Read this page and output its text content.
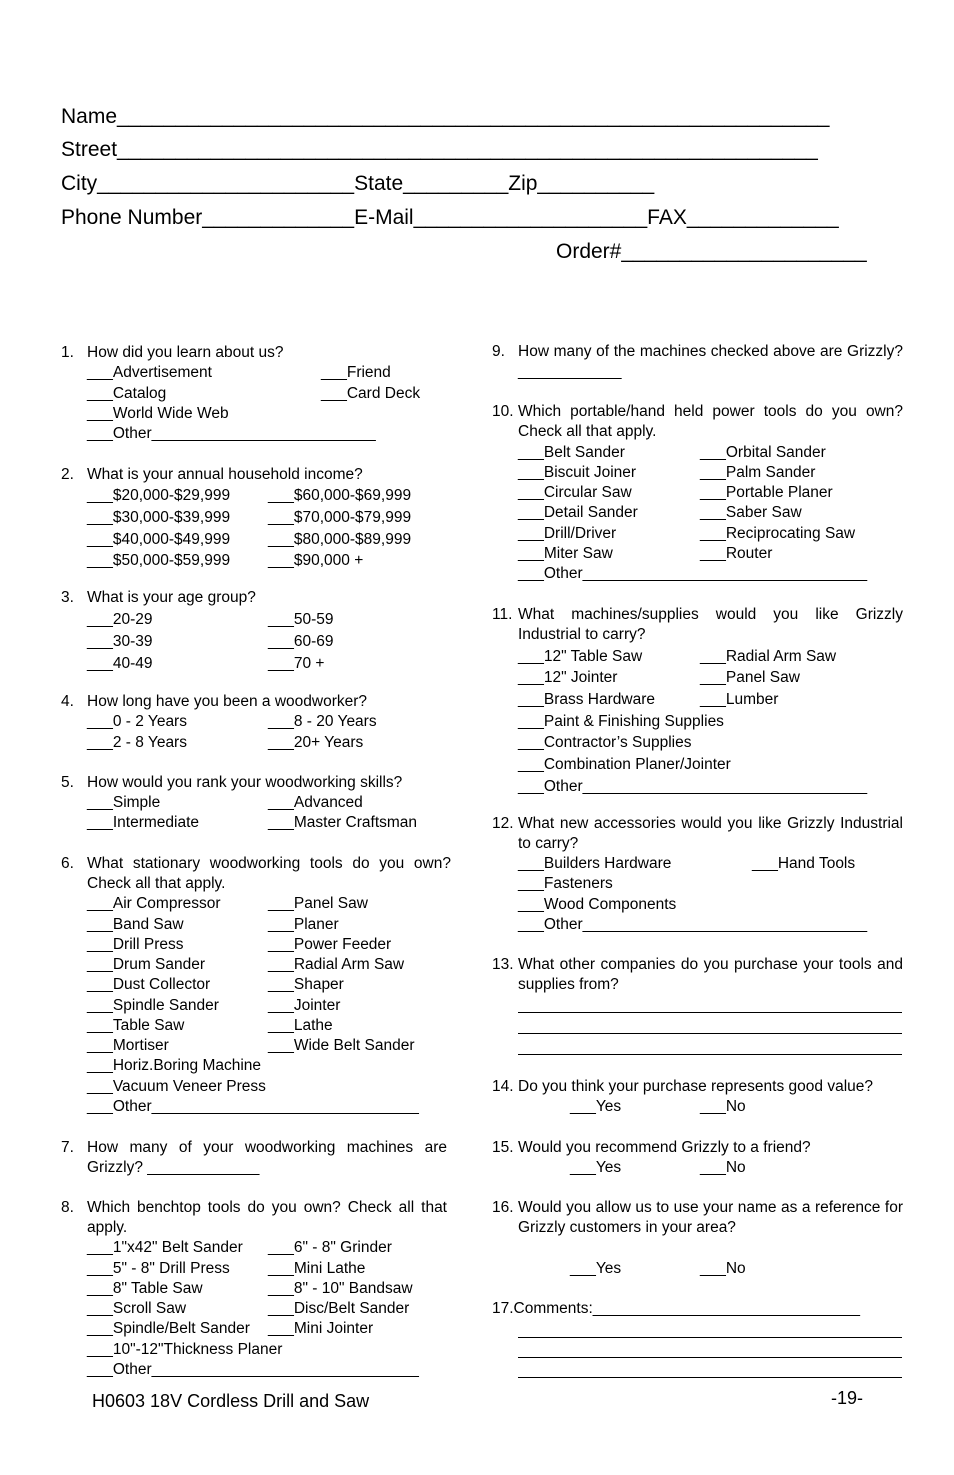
Name_____________________________________________________________
Street____________________________________________________________
City______________________State_________Zip__________
Phone Number_____________E-Mail____________________FAX_____________
Order#_____________________
1. How did you learn about us?
___Advertisement	___Friend
___Catalog	___Card Deck
___World Wide Web
___Other__________________________
2. What is your annual household income?
___$20,000-$29,999 ___$60,000-$69,999
___$30,000-$39,999 ___$70,000-$79,999
___$40,000-$49,999 ___$80,000-$89,999
___$50,000-$59,999 ___$90,000 +
3. What is your age group?
___20-29	___50-59
___30-39	___60-69
___40-49	___70 +
4. How long have you been a woodworker?
___0 - 2 Years	___8 - 20 Years
___2 - 8 Years	___20+ Years
5. How would you rank your woodworking skills?
___Simple	___Advanced
___Intermediate	___Master Craftsman
6. What stationary woodworking tools do you own? Check all that apply.
___Air Compressor	___Panel Saw
___Band Saw	___Planer
___Drill Press	___Power Feeder
___Drum Sander	___Radial Arm Saw
___Dust Collector	___Shaper
___Spindle Sander	___Jointer
___Table Saw	___Lathe
___Mortiser	___Wide Belt Sander
___Horiz.Boring Machine
___Vacuum Veneer Press
___Other_______________________________
7. How many of your woodworking machines are Grizzly? _____________
8. Which benchtop tools do you own? Check all that apply.
___1"x42" Belt Sander ___6" - 8" Grinder
___5" - 8" Drill Press ___Mini Lathe
___8" Table Saw	___8" - 10" Bandsaw
___Scroll Saw	___Disc/Belt Sander
___Spindle/Belt Sander ___Mini Jointer
___10"-12"Thickness Planer
___Other_______________________________
9. How many of the machines checked above are Grizzly? ____________
10. Which portable/hand held power tools do you own? Check all that apply.
___Belt Sander	___Orbital Sander
___Biscuit Joiner	___Palm Sander
___Circular Saw	___Portable Planer
___Detail Sander	___Saber Saw
___Drill/Driver	___Reciprocating Saw
___Miter Saw	___Router
___Other_________________________________
11. What machines/supplies would you like Grizzly Industrial to carry?
___12" Table Saw	___Radial Arm Saw
___12" Jointer	___Panel Saw
___Brass Hardware	___Lumber
___Paint & Finishing Supplies
___Contractor’s Supplies
___Combination Planer/Jointer
___Other_________________________________
12. What new accessories would you like Grizzly Industrial to carry?
___Builders Hardware	___Hand Tools
___Fasteners
___Wood Components
___Other_________________________________
13. What other companies do you purchase your tools and supplies from?
14. Do you think your purchase represents good value?
___Yes	___No
15. Would you recommend Grizzly to a friend?
___Yes	___No
16. Would you allow us to use your name as a reference for Grizzly customers in your area?
___Yes	___No
17.Comments:_______________________________
H0603 18V Cordless Drill and Saw	-19-
